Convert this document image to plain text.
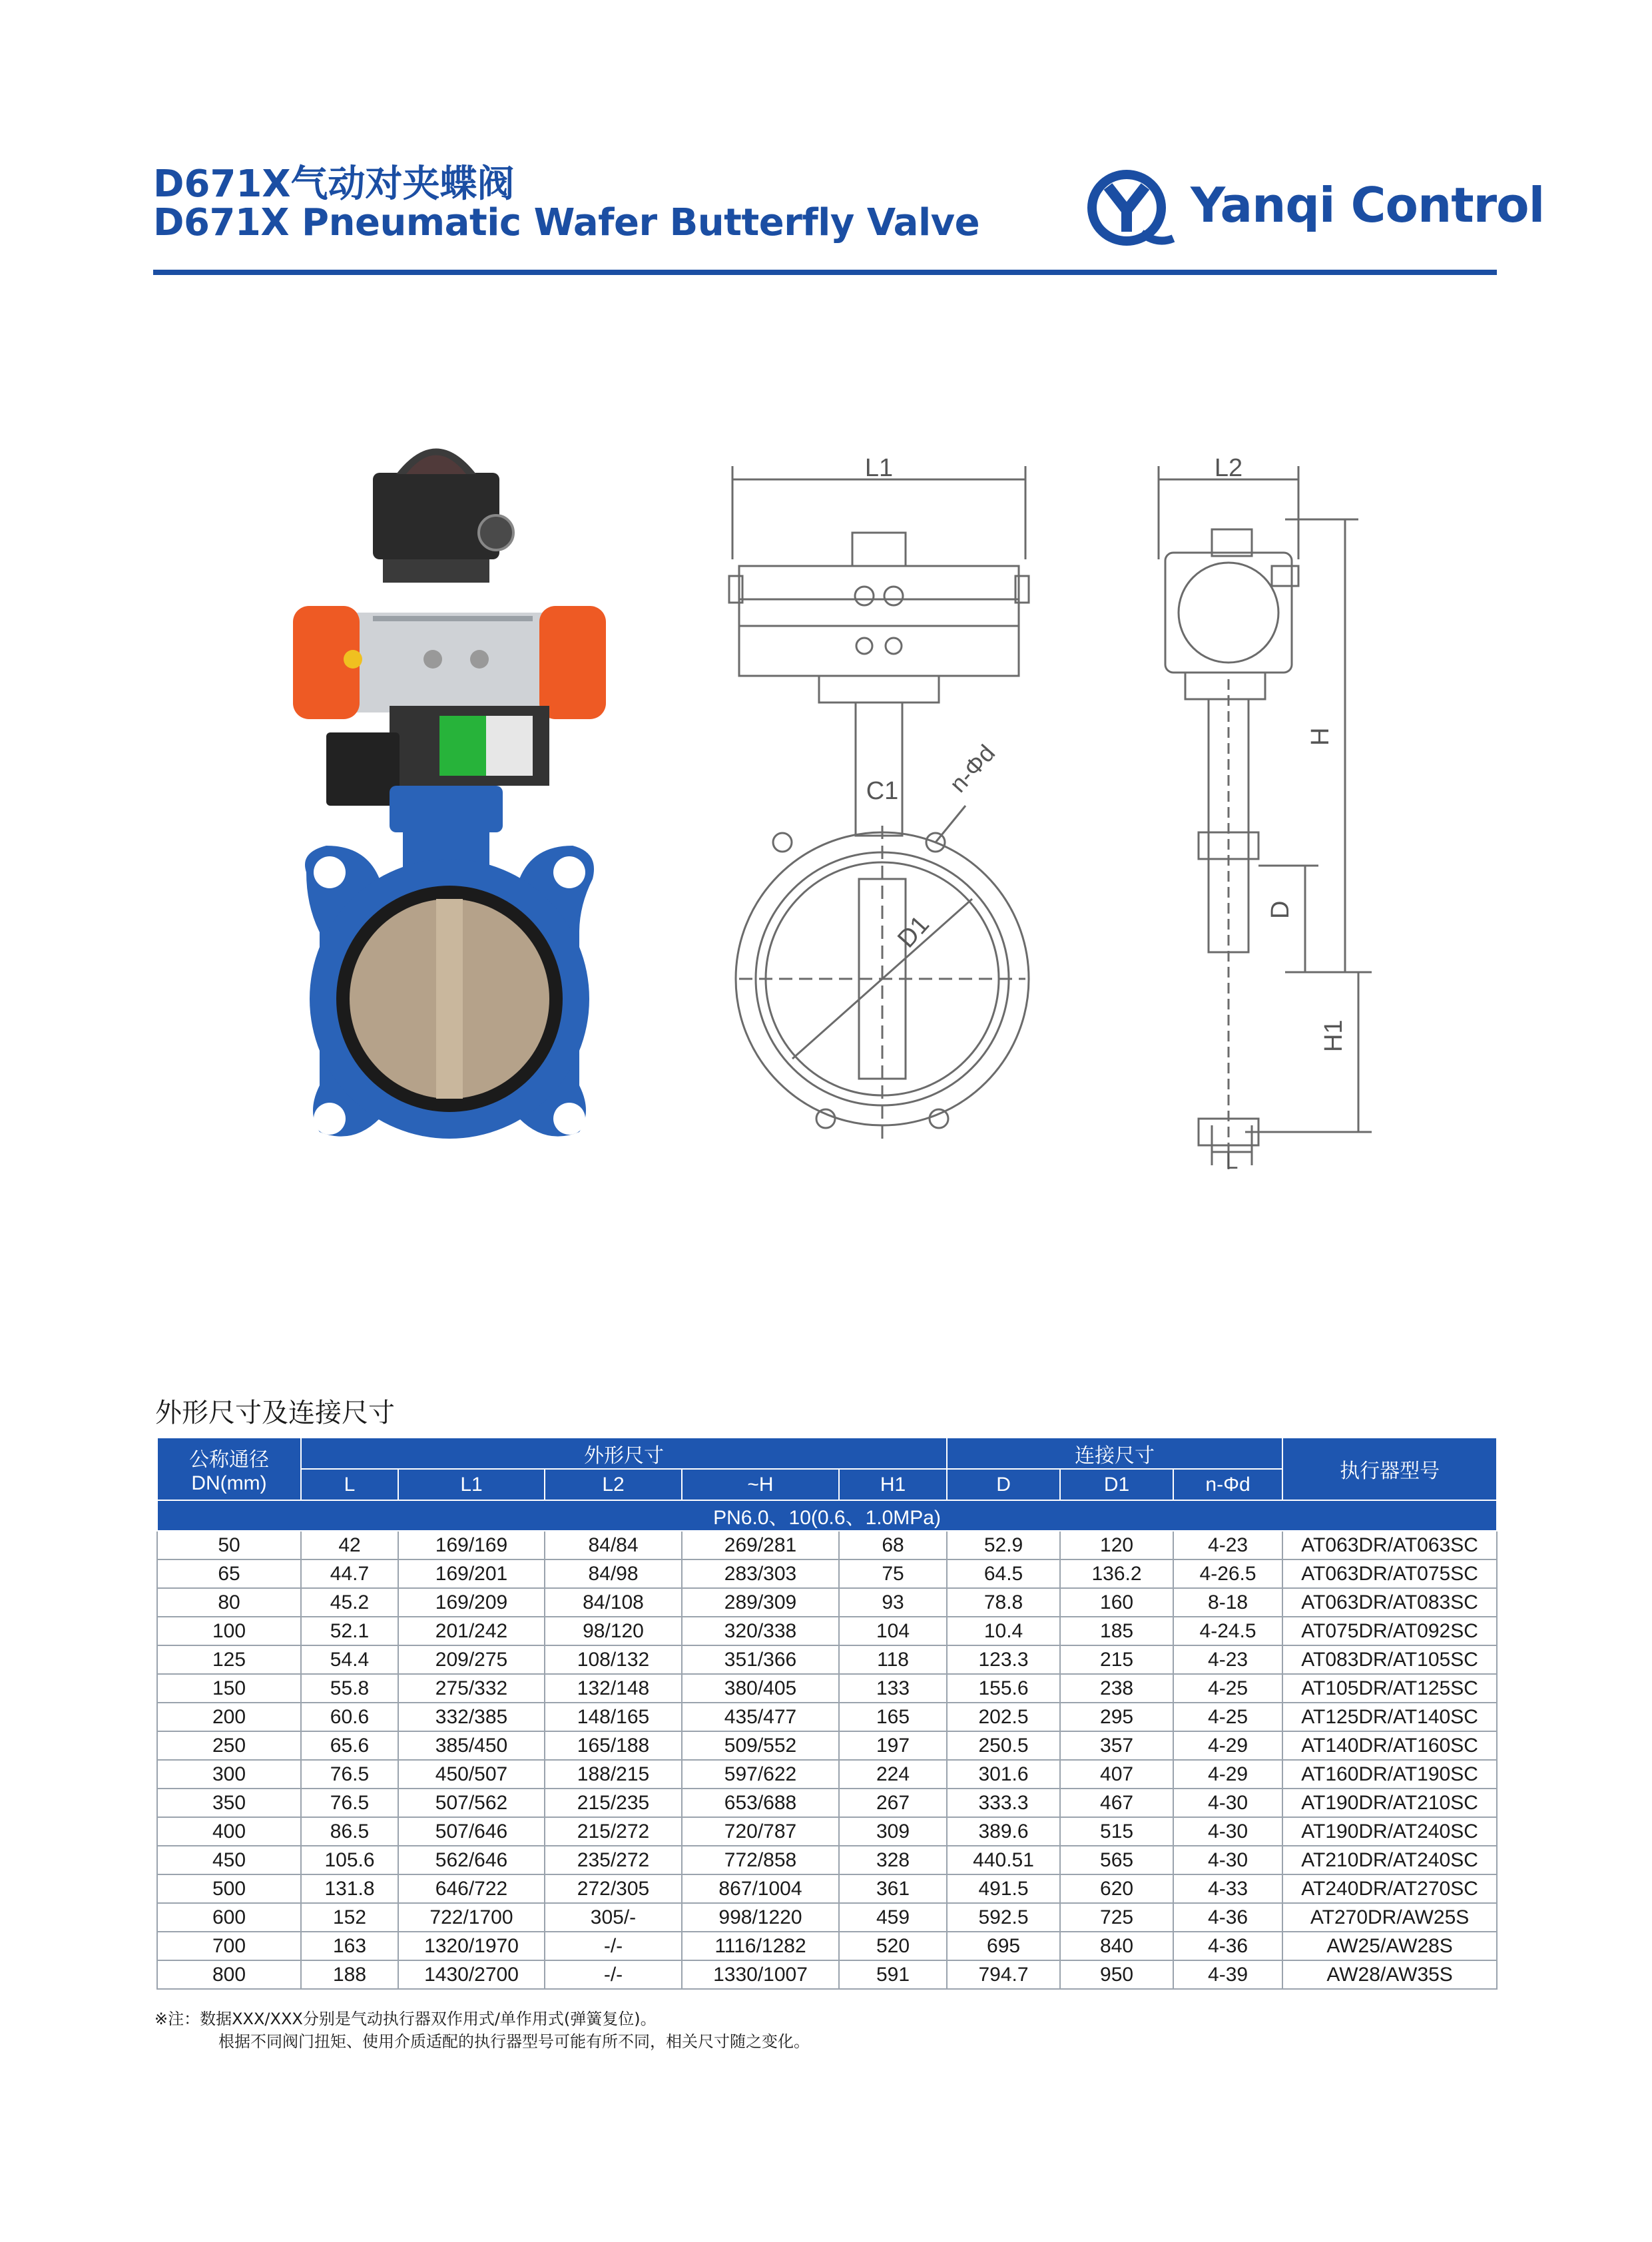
D671X气动对夹蝶阀
D671X Pneumatic Wafer Butterfly Valve	Yanqi Control
L1
C1 n-Φd
D1
L2
H
D
H1
L
外形尺寸及连接尺寸
公称通径 DN(mm)	外形尺寸					连接尺寸			执行器型号
	L	L1	L2	~H	H1	D	D1	n-Φd	
PN6.0、10(0.6、1.0MPa)									
50	42	169/169	84/84	269/281	68	52.9	120	4-23	AT063DR/AT063SC
65	44.7	169/201	84/98	283/303	75	64.5	136.2	4-26.5	AT063DR/AT075SC
80	45.2	169/209	84/108	289/309	93	78.8	160	8-18	AT063DR/AT083SC
100	52.1	201/242	98/120	320/338	104	10.4	185	4-24.5	AT075DR/AT092SC
125	54.4	209/275	108/132	351/366	118	123.3	215	4-23	AT083DR/AT105SC
150	55.8	275/332	132/148	380/405	133	155.6	238	4-25	AT105DR/AT125SC
200	60.6	332/385	148/165	435/477	165	202.5	295	4-25	AT125DR/AT140SC
250	65.6	385/450	165/188	509/552	197	250.5	357	4-29	AT140DR/AT160SC
300	76.5	450/507	188/215	597/622	224	301.6	407	4-29	AT160DR/AT190SC
350	76.5	507/562	215/235	653/688	267	333.3	467	4-30	AT190DR/AT210SC
400	86.5	507/646	215/272	720/787	309	389.6	515	4-30	AT190DR/AT240SC
450	105.6	562/646	235/272	772/858	328	440.51	565	4-30	AT210DR/AT240SC
500	131.8	646/722	272/305	867/1004	361	491.5	620	4-33	AT240DR/AT270SC
600	152	722/1700	305/-	998/1220	459	592.5	725	4-36	AT270DR/AW25S
700	163	1320/1970	-/-	1116/1282	520	695	840	4-36	AW25/AW28S
800	188	1430/2700	-/-	1330/1007	591	794.7	950	4-39	AW28/AW35S
※注：数据XXX/XXX分别是气动执行器双作用式/单作用式(弹簧复位)。
根据不同阀门扭矩、使用介质适配的执行器型号可能有所不同，相关尺寸随之变化。
